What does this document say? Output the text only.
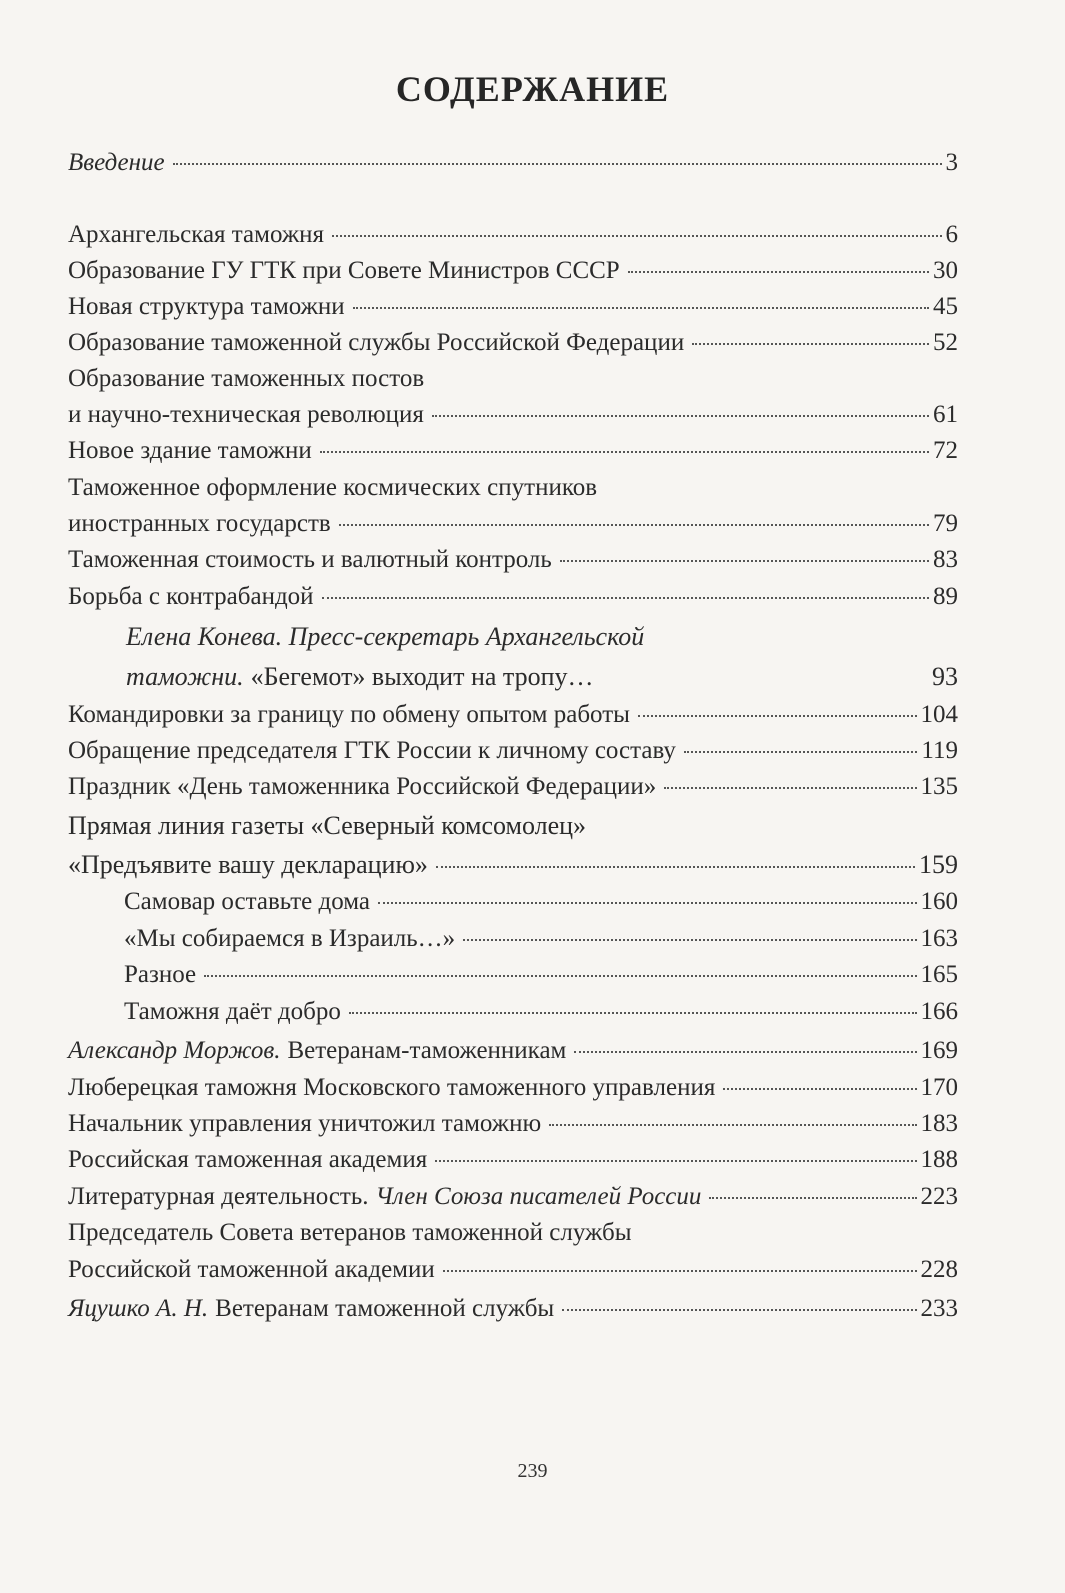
СОДЕРЖАНИЕ
Введение	3
Архангельская таможня	6
Образование ГУ ГТК при Совете Министров СССР	30
Новая структура таможни	45
Образование таможенной службы Российской Федерации	52
Образование таможенных постов
и научно-техническая революция	61
Новое здание таможни	72
Таможенное оформление космических спутников
иностранных государств	79
Таможенная стоимость и валютный контроль	83
Борьба с контрабандой	89
Елена Конева. Пресс-секретарь Архангельской
таможни. «Бегемот» выходит на тропу…	93
Командировки за границу по обмену опытом работы	104
Обращение председателя ГТК России к личному составу	119
Праздник «День таможенника Российской Федерации»	135
Прямая линия газеты «Северный комсомолец»
«Предъявите вашу декларацию»	159
Самовар оставьте дома	160
«Мы собираемся в Израиль…»	163
Разное	165
Таможня даёт добро	166
Александр Моржов. Ветеранам-таможенникам	169
Люберецкая таможня Московского таможенного управления	170
Начальник управления уничтожил таможню	183
Российская таможенная академия	188
Литературная деятельность. Член Союза писателей России	223
Председатель Совета ветеранов таможенной службы
Российской таможенной академии	228
Яцушко А. Н. Ветеранам таможенной службы	233
239
